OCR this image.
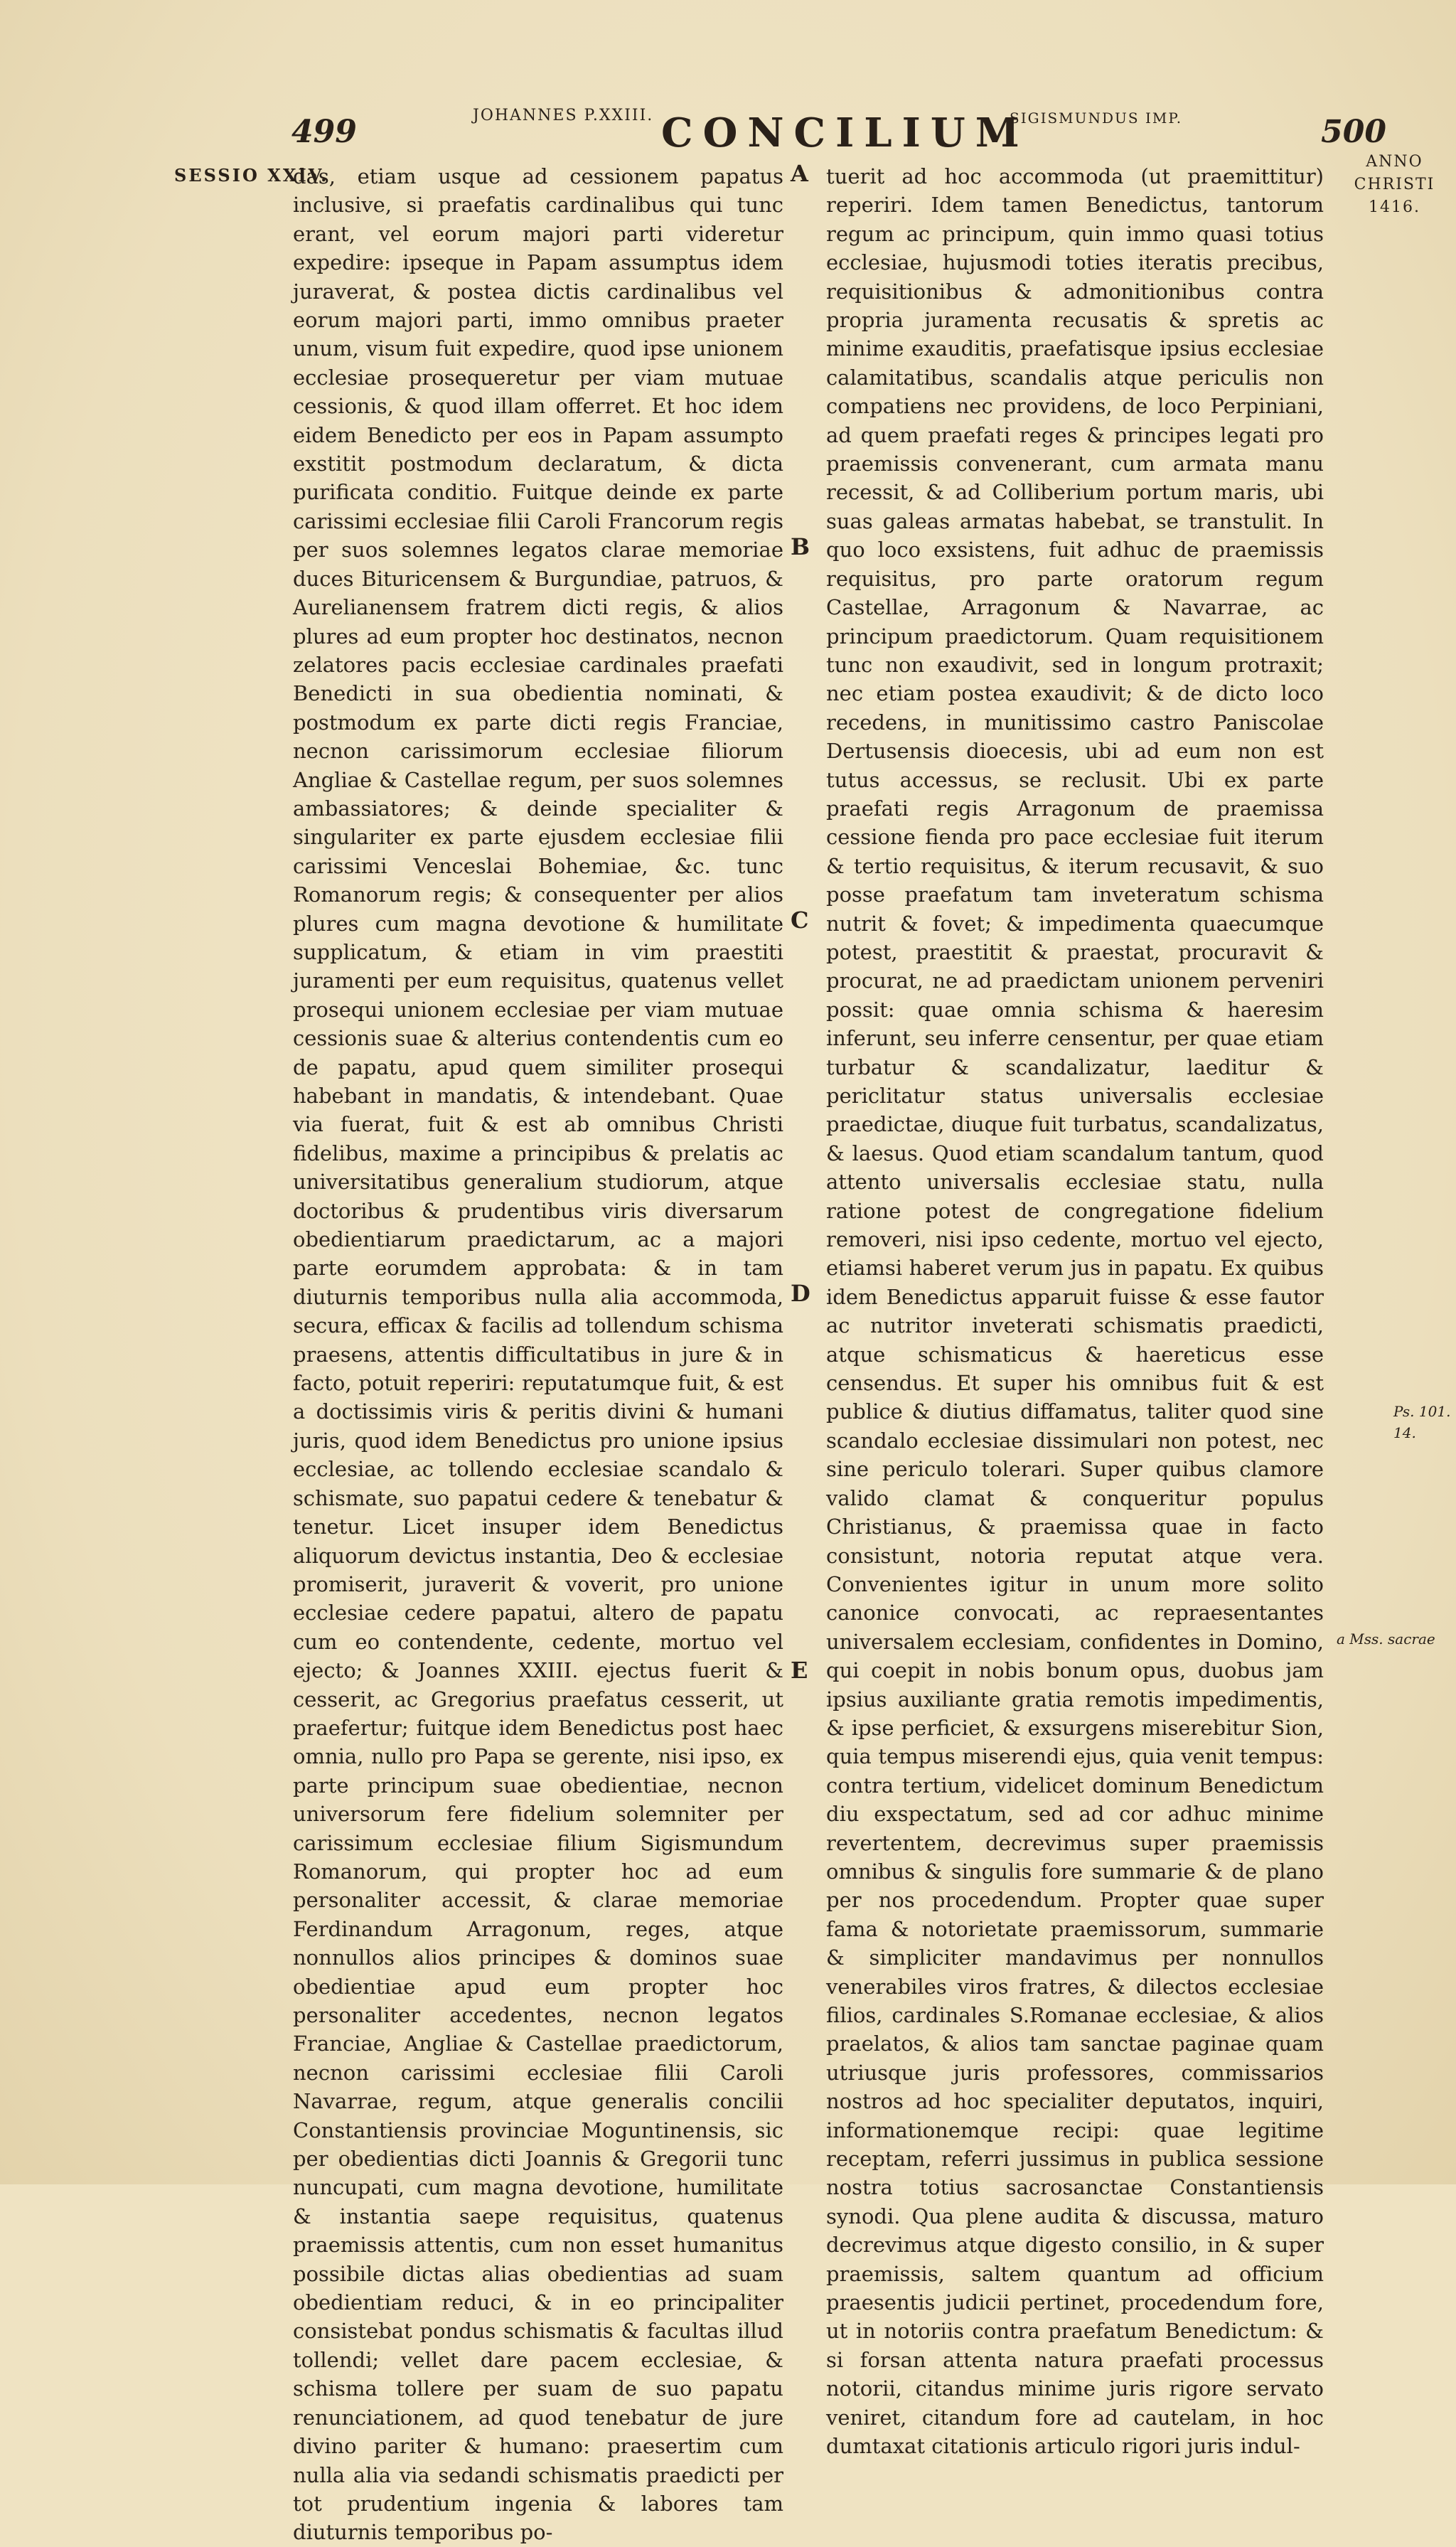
499	JOHANNES P.XXIII. CONCILIUM
SIGISMUNDUS IMP.	500
SESSIO XXIV.
ANNO CHRISTI 1416.
Ps. 101. 14.
a Mss. sacrae
A
B
C
D
E
das, etiam usque ad cessionem papatus inclusive, si praefatis cardinalibus qui tunc erant, vel eorum majori parti videretur expedire: ipseque in Papam assumptus idem juraverat, & postea dictis cardinalibus vel eorum majori parti, immo omnibus praeter unum, visum fuit expedire, quod ipse unionem ecclesiae prosequeretur per viam mutuae cessionis, & quod illam offerret. Et hoc idem eidem Benedicto per eos in Papam assumpto exstitit postmodum declaratum, & dicta purificata conditio. Fuitque deinde ex parte carissimi ecclesiae filii Caroli Francorum regis per suos solemnes legatos clarae memoriae duces Bituricensem & Burgundiae, patruos, & Aurelianensem fratrem dicti regis, & alios plures ad eum propter hoc destinatos, necnon zelatores pacis ecclesiae cardinales praefati Benedicti in sua obedientia nominati, & postmodum ex parte dicti regis Franciae, necnon carissimorum ecclesiae filiorum Angliae & Castellae regum, per suos solemnes ambassiatores; & deinde specialiter & singulariter ex parte ejusdem ecclesiae filii carissimi Venceslai Bohemiae, &c. tunc Romanorum regis; & consequenter per alios plures cum magna devotione & humilitate supplicatum, & etiam in vim praestiti juramenti per eum requisitus, quatenus vellet prosequi unionem ecclesiae per viam mutuae cessionis suae & alterius contendentis cum eo de papatu, apud quem similiter prosequi habebant in mandatis, & intendebant. Quae via fuerat, fuit & est ab omnibus Christi fidelibus, maxime a principibus & prelatis ac universitatibus generalium studiorum, atque doctoribus & prudentibus viris diversarum obedientiarum praedictarum, ac a majori parte eorumdem approbata: & in tam diuturnis temporibus nulla alia accommoda, secura, efficax & facilis ad tollendum schisma praesens, attentis difficultatibus in jure & in facto, potuit reperiri: reputatumque fuit, & est a doctissimis viris & peritis divini & humani juris, quod idem Benedictus pro unione ipsius ecclesiae, ac tollendo ecclesiae scandalo & schismate, suo papatui cedere & tenebatur & tenetur. Licet insuper idem Benedictus aliquorum devictus instantia, Deo & ecclesiae promiserit, juraverit & voverit, pro unione ecclesiae cedere papatui, altero de papatu cum eo contendente, cedente, mortuo vel ejecto; & Joannes XXIII. ejectus fuerit & cesserit, ac Gregorius praefatus cesserit, ut praefertur; fuitque idem Benedictus post haec omnia, nullo pro Papa se gerente, nisi ipso, ex parte principum suae obedientiae, necnon universorum fere fidelium solemniter per carissimum ecclesiae filium Sigismundum Romanorum, qui propter hoc ad eum personaliter accessit, & clarae memoriae Ferdinandum Arragonum, reges, atque nonnullos alios principes & dominos suae obedientiae apud eum propter hoc personaliter accedentes, necnon legatos Franciae, Angliae & Castellae praedictorum, necnon carissimi ecclesiae filii Caroli Navarrae, regum, atque generalis concilii Constantiensis provinciae Moguntinensis, sic per obedientias dicti Joannis & Gregorii tunc nuncupati, cum magna devotione, humilitate & instantia saepe requisitus, quatenus praemissis attentis, cum non esset humanitus possibile dictas alias obedientias ad suam obedientiam reduci, & in eo principaliter consistebat pondus schismatis & facultas illud tollendi; vellet dare pacem ecclesiae, & schisma tollere per suam de suo papatu renunciationem, ad quod tenebatur de jure divino pariter & humano: praesertim cum nulla alia via sedandi schismatis praedicti per tot prudentium ingenia & labores tam diuturnis temporibus po-
tuerit ad hoc accommoda (ut praemittitur) reperiri. Idem tamen Benedictus, tantorum regum ac principum, quin immo quasi totius ecclesiae, hujusmodi toties iteratis precibus, requisitionibus & admonitionibus contra propria juramenta recusatis & spretis ac minime exauditis, praefatisque ipsius ecclesiae calamitatibus, scandalis atque periculis non compatiens nec providens, de loco Perpiniani, ad quem praefati reges & principes legati pro praemissis convenerant, cum armata manu recessit, & ad Colliberium portum maris, ubi suas galeas armatas habebat, se transtulit. In quo loco exsistens, fuit adhuc de praemissis requisitus, pro parte oratorum regum Castellae, Arragonum & Navarrae, ac principum praedictorum. Quam requisitionem tunc non exaudivit, sed in longum protraxit; nec etiam postea exaudivit; & de dicto loco recedens, in munitissimo castro Paniscolae Dertusensis dioecesis, ubi ad eum non est tutus accessus, se reclusit. Ubi ex parte praefati regis Arragonum de praemissa cessione fienda pro pace ecclesiae fuit iterum & tertio requisitus, & iterum recusavit, & suo posse praefatum tam inveteratum schisma nutrit & fovet; & impedimenta quaecumque potest, praestitit & praestat, procuravit & procurat, ne ad praedictam unionem perveniri possit: quae omnia schisma & haeresim inferunt, seu inferre censentur, per quae etiam turbatur & scandalizatur, laeditur & periclitatur status universalis ecclesiae praedictae, diuque fuit turbatus, scandalizatus, & laesus. Quod etiam scandalum tantum, quod attento universalis ecclesiae statu, nulla ratione potest de congregatione fidelium removeri, nisi ipso cedente, mortuo vel ejecto, etiamsi haberet verum jus in papatu. Ex quibus idem Benedictus apparuit fuisse & esse fautor ac nutritor inveterati schismatis praedicti, atque schismaticus & haereticus esse censendus. Et super his omnibus fuit & est publice & diutius diffamatus, taliter quod sine scandalo ecclesiae dissimulari non potest, nec sine periculo tolerari. Super quibus clamore valido clamat & conqueritur populus Christianus, & praemissa quae in facto consistunt, notoria reputat atque vera. Convenientes igitur in unum more solito canonice convocati, ac repraesentantes universalem ecclesiam, confidentes in Domino, qui coepit in nobis bonum opus, duobus jam ipsius auxiliante gratia remotis impedimentis, & ipse perficiet, & exsurgens miserebitur Sion, quia tempus miserendi ejus, quia venit tempus: contra tertium, videlicet dominum Benedictum diu exspectatum, sed ad cor adhuc minime revertentem, decrevimus super praemissis omnibus & singulis fore summarie & de plano per nos procedendum. Propter quae super fama & notorietate praemissorum, summarie & simpliciter mandavimus per nonnullos venerabiles viros fratres, & dilectos ecclesiae filios, cardinales S.Romanae ecclesiae, & alios praelatos, & alios tam sanctae paginae quam utriusque juris professores, commissarios nostros ad hoc specialiter deputatos, inquiri, informationemque recipi: quae legitime receptam, referri jussimus in publica sessione nostra totius sacrosanctae Constantiensis synodi. Qua plene audita & discussa, maturo decrevimus atque digesto consilio, in & super praemissis, saltem quantum ad officium praesentis judicii pertinet, procedendum fore, ut in notoriis contra praefatum Benedictum: & si forsan attenta natura praefati processus notorii, citandus minime juris rigore servato veniret, citandum fore ad cautelam, in hoc dumtaxat citationis articulo rigori juris indul-
